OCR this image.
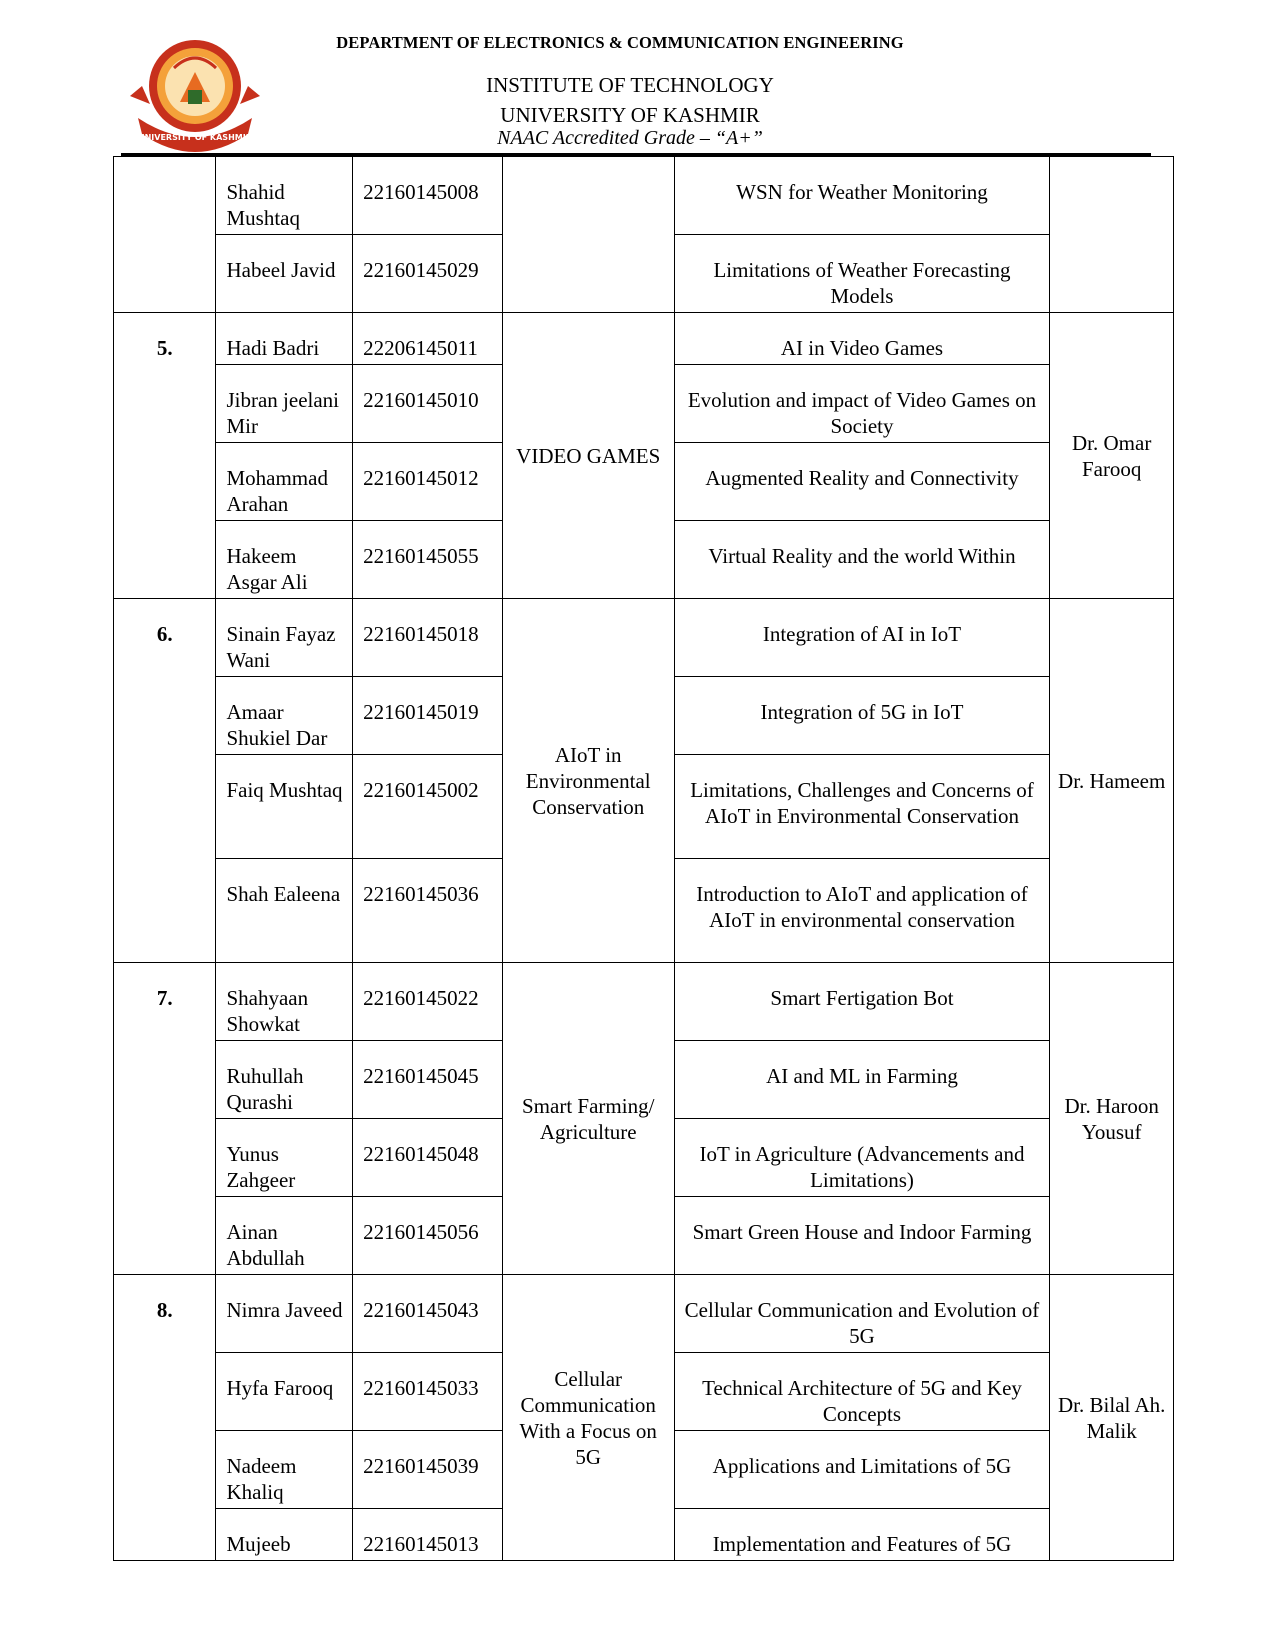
UNIVERSITY OF KASHMIR
DEPARTMENT OF ELECTRONICS & COMMUNICATION ENGINEERING
INSTITUTE OF TECHNOLOGY
UNIVERSITY OF KASHMIR
NAAC Accredited Grade – “A+”
	Shahid Mushtaq	22160145008		WSN for Weather Monitoring	
	Habeel Javid	22160145029		Limitations of Weather Forecasting Models	
5.	Hadi Badri	22206145011	VIDEO GAMES	AI in Video Games	Dr. Omar Farooq
	Jibran jeelani Mir	22160145010		Evolution and impact of Video Games on Society	
	Mohammad Arahan	22160145012		Augmented Reality and Connectivity	
	Hakeem Asgar Ali	22160145055		Virtual Reality and the world Within	
6.	Sinain Fayaz Wani	22160145018	AIoT in Environmental Conservation	Integration of AI in IoT	Dr. Hameem
	Amaar Shukiel Dar	22160145019		Integration of 5G in IoT	
	Faiq Mushtaq	22160145002		Limitations, Challenges and Concerns of AIoT in Environmental Conservation	
	Shah Ealeena	22160145036		Introduction to AIoT and application of AIoT in environmental conservation	
7.	Shahyaan Showkat	22160145022	Smart Farming/ Agriculture	Smart Fertigation Bot	Dr. Haroon Yousuf
	Ruhullah Qurashi	22160145045		AI and ML in Farming	
	Yunus Zahgeer	22160145048		IoT in Agriculture (Advancements and Limitations)	
	Ainan Abdullah	22160145056		Smart Green House and Indoor Farming	
8.	Nimra Javeed	22160145043	Cellular Communication With a Focus on 5G	Cellular Communication and Evolution of 5G	Dr. Bilal Ah. Malik
	Hyfa Farooq	22160145033		Technical Architecture of 5G and Key Concepts	
	Nadeem Khaliq	22160145039		Applications and Limitations of 5G	
	Mujeeb	22160145013		Implementation and Features of 5G	
